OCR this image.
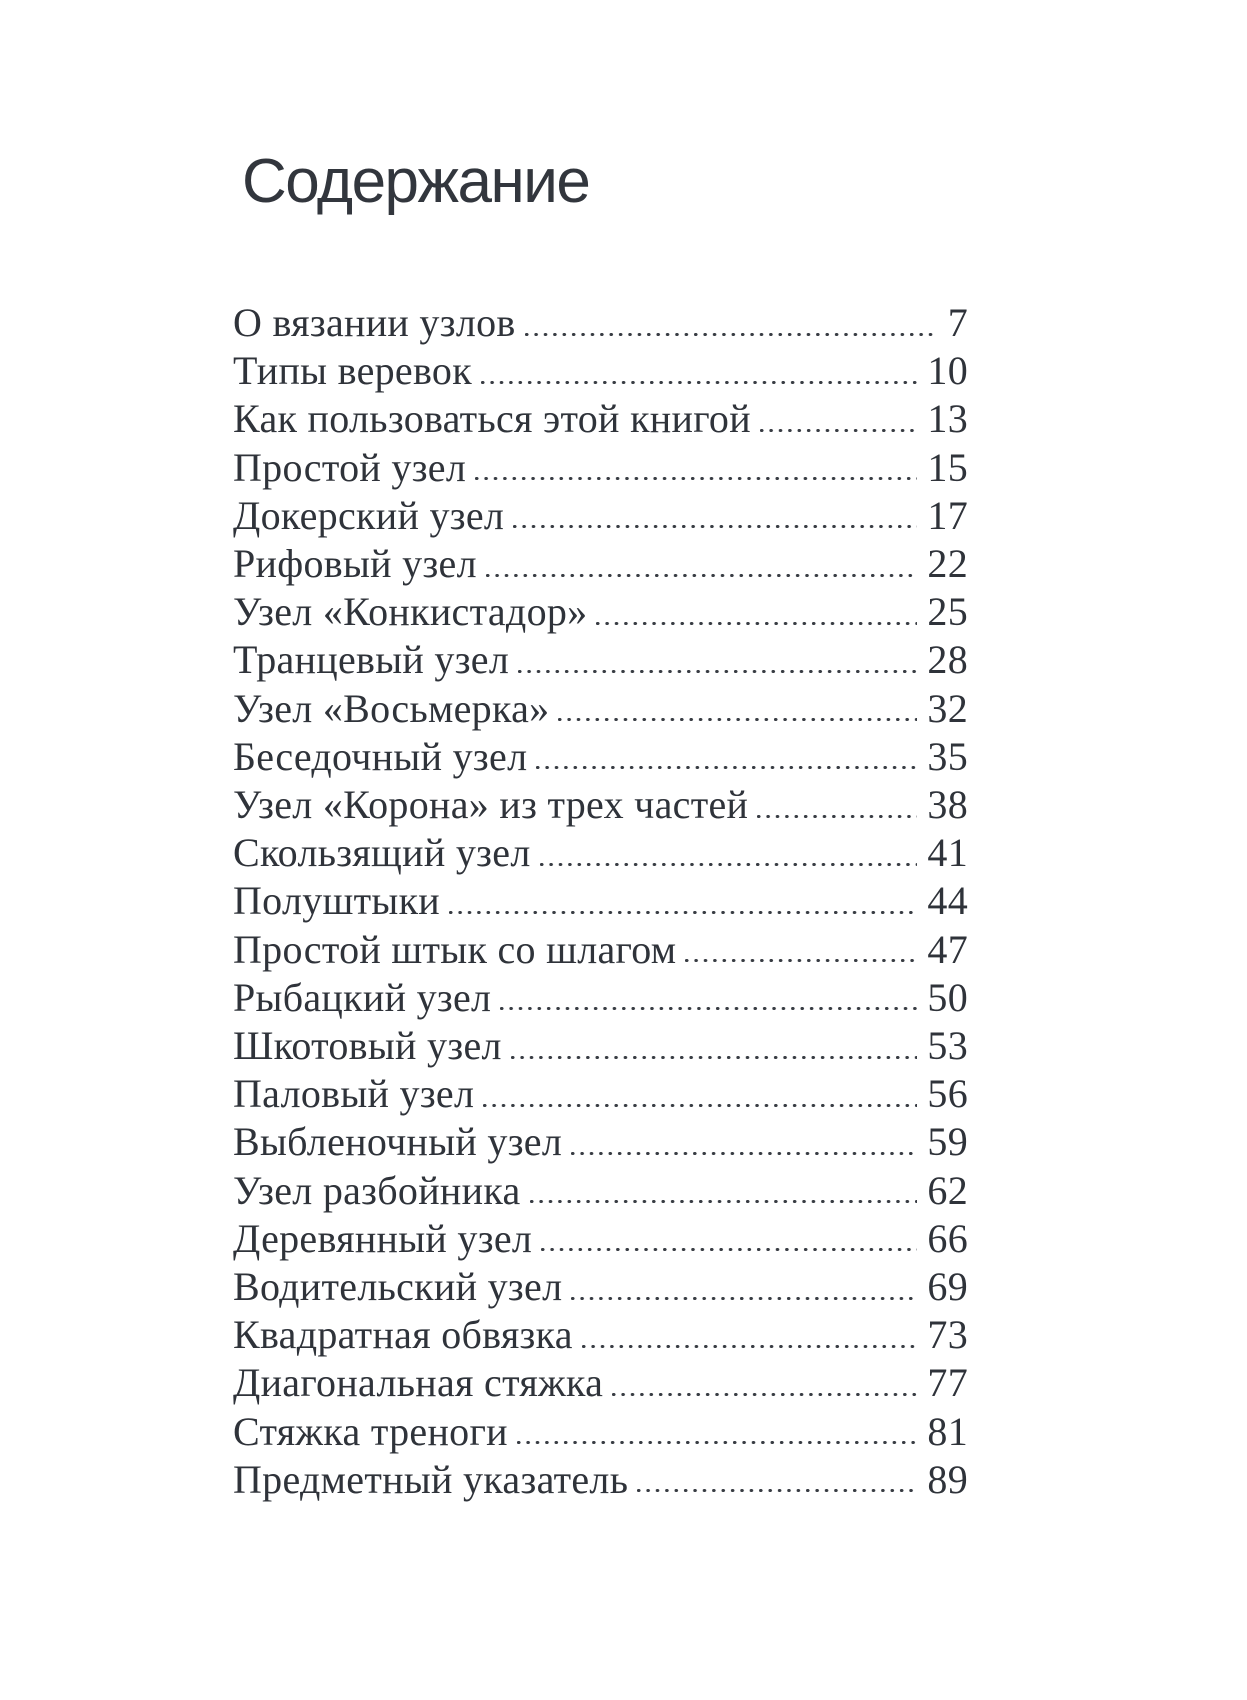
Содержание
О вязании узлов	7
Типы веревок	10
Как пользоваться этой книгой	13
Простой узел	15
Докерский узел	17
Рифовый узел	22
Узел «Конкистадор»	25
Транцевый узел	28
Узел «Восьмерка»	32
Беседочный узел	35
Узел «Корона» из трех частей	38
Скользящий узел	41
Полуштыки	44
Простой штык со шлагом	47
Рыбацкий узел	50
Шкотовый узел	53
Паловый узел	56
Выбленочный узел	59
Узел разбойника	62
Деревянный узел	66
Водительский узел	69
Квадратная обвязка	73
Диагональная стяжка	77
Стяжка треноги	81
Предметный указатель	89
